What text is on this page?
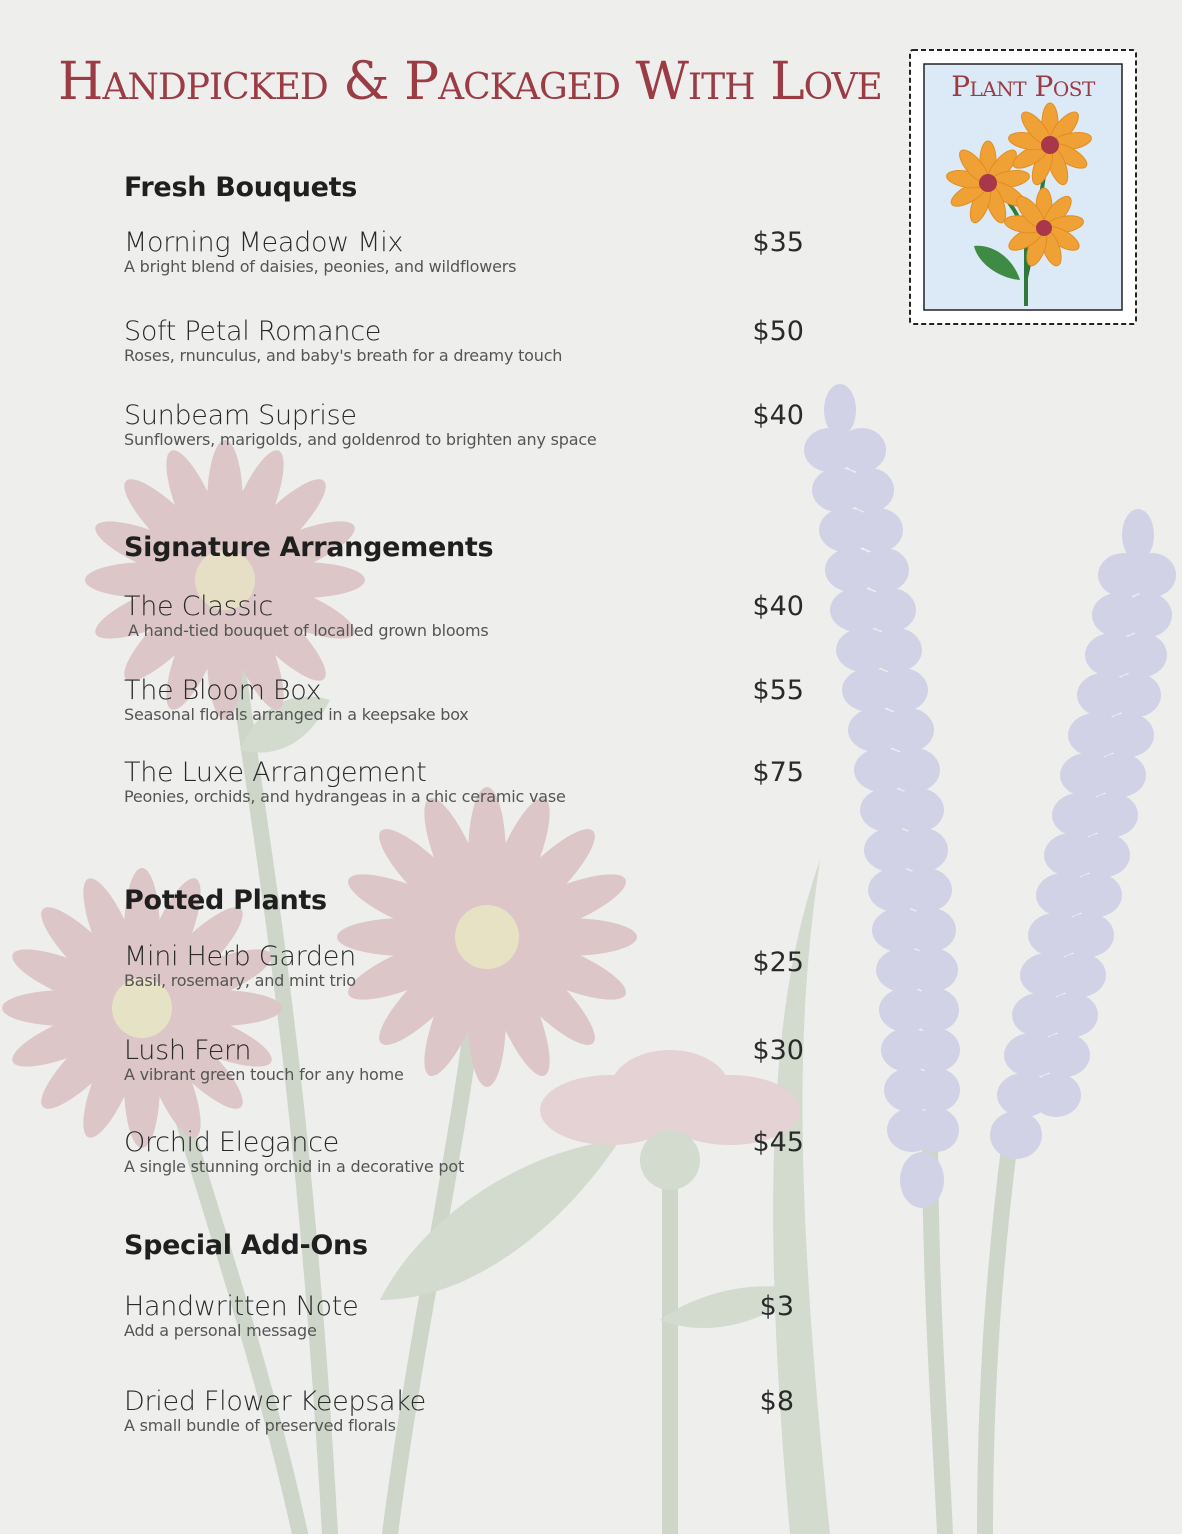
Handpicked & Packaged With Love	Plant Post
Fresh Bouquets
Morning Meadow Mix
A bright blend of daisies, peonies, and wildflowers
$35
Soft Petal Romance
Roses, rnunculus, and baby's breath for a dreamy touch
$50
Sunbeam Suprise
Sunflowers, marigolds, and goldenrod to brighten any space
$40
Signature Arrangements
The Classic
A hand-tied bouquet of localled grown blooms
$40
The Bloom Box
Seasonal florals arranged in a keepsake box
$55
The Luxe Arrangement
Peonies, orchids, and hydrangeas in a chic ceramic vase
$75
Potted Plants
Mini Herb Garden
Basil, rosemary, and mint trio
$25
Lush Fern
A vibrant green touch for any home
$30
Orchid Elegance
A single stunning orchid in a decorative pot
$45
Special Add-Ons
Handwritten Note
Add a personal message
$3
Dried Flower Keepsake
A small bundle of preserved florals
$8
